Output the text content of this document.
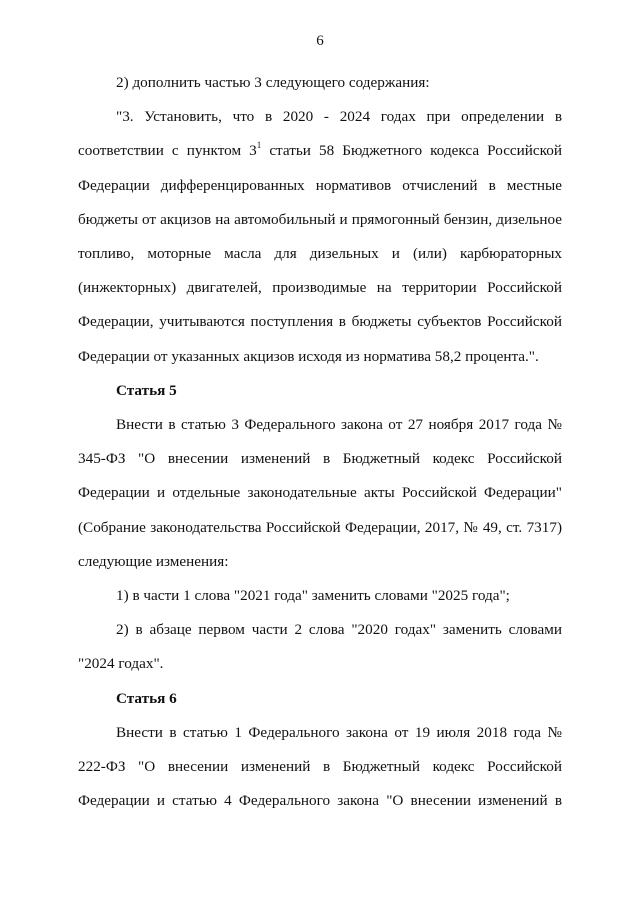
6

2) дополнить частью 3 следующего содержания:

"3. Установить, что в 2020 - 2024 годах при определении в соответствии с пунктом $3^1$ статьи 58 Бюджетного кодекса Российской Федерации дифференцированных нормативов отчислений в местные бюджеты от акцизов на автомобильный и прямогонный бензин, дизельное топливо, моторные масла для дизельных и (или) карбюраторных (инжекторных) двигателей, производимые на территории Российской Федерации, учитываются поступления в бюджеты субъектов Российской Федерации от указанных акцизов исходя из норматива 58,2 процента.".

Статья 5

Внести в статью 3 Федерального закона от 27 ноября 2017 года № 345-ФЗ "О внесении изменений в Бюджетный кодекс Российской Федерации и отдельные законодательные акты Российской Федерации" (Собрание законодательства Российской Федерации, 2017, № 49, ст. 7317) следующие изменения:

1) в части 1 слова "2021 года" заменить словами "2025 года";

2) в абзаце первом части 2 слова "2020 годах" заменить словами "2024 годах".

Статья 6

Внести в статью 1 Федерального закона от 19 июля 2018 года № 222-ФЗ "О внесении изменений в Бюджетный кодекс Российской Федерации и статью 4 Федерального закона "О внесении изменений в
